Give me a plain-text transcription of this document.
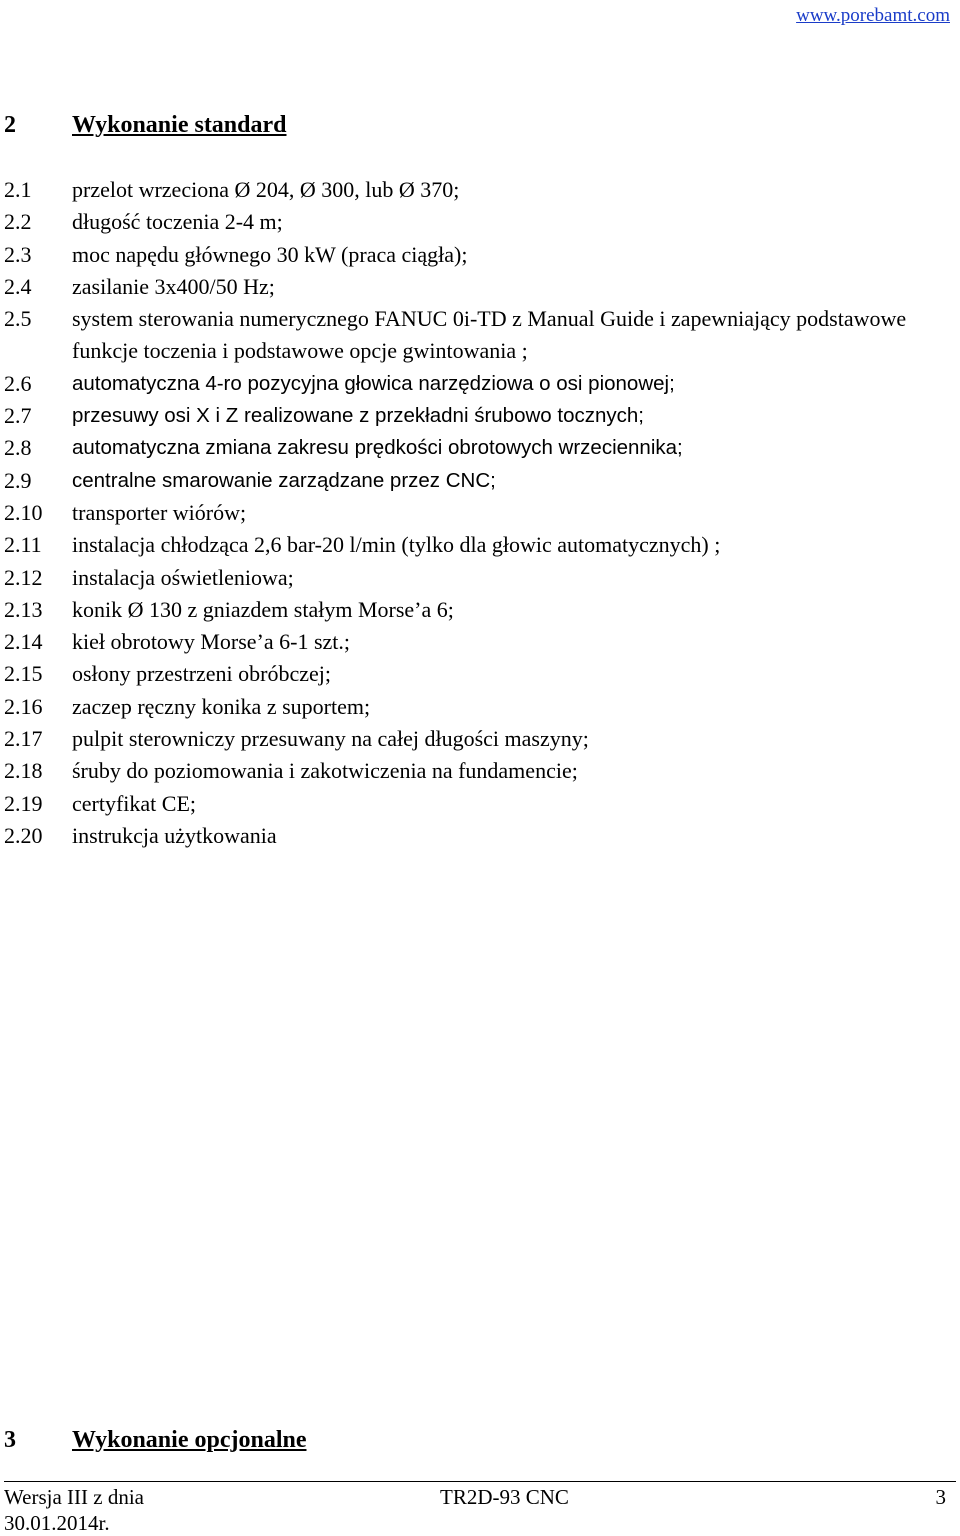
www.porebamt.com
2	Wykonanie standard
2.1	przelot wrzeciona Ø 204, Ø 300, lub Ø 370;
2.2	długość toczenia 2-4 m;
2.3	moc napędu głównego 30 kW (praca ciągła);
2.4	zasilanie 3x400/50 Hz;
2.5	system sterowania numerycznego FANUC 0i-TD z Manual Guide i zapewniający podstawowe funkcje toczenia i podstawowe opcje gwintowania ;
2.6	automatyczna 4-ro pozycyjna głowica narzędziowa o osi pionowej;
2.7	przesuwy osi X i Z realizowane z przekładni śrubowo tocznych;
2.8	automatyczna zmiana zakresu prędkości obrotowych wrzeciennika;
2.9	centralne smarowanie zarządzane przez CNC;
2.10	transporter wiórów;
2.11	instalacja chłodząca 2,6 bar-20 l/min (tylko dla głowic automatycznych) ;
2.12	instalacja oświetleniowa;
2.13	konik Ø 130 z gniazdem stałym Morse’a 6;
2.14	kieł obrotowy Morse’a 6-1 szt.;
2.15	osłony przestrzeni obróbczej;
2.16	zaczep ręczny konika z suportem;
2.17	pulpit sterowniczy przesuwany na całej długości maszyny;
2.18	śruby do poziomowania i zakotwiczenia na fundamencie;
2.19	certyfikat CE;
2.20	instrukcja użytkowania
3	Wykonanie opcjonalne
Wersja III z dnia	TR2D-93 CNC	3
30.01.2014r.
